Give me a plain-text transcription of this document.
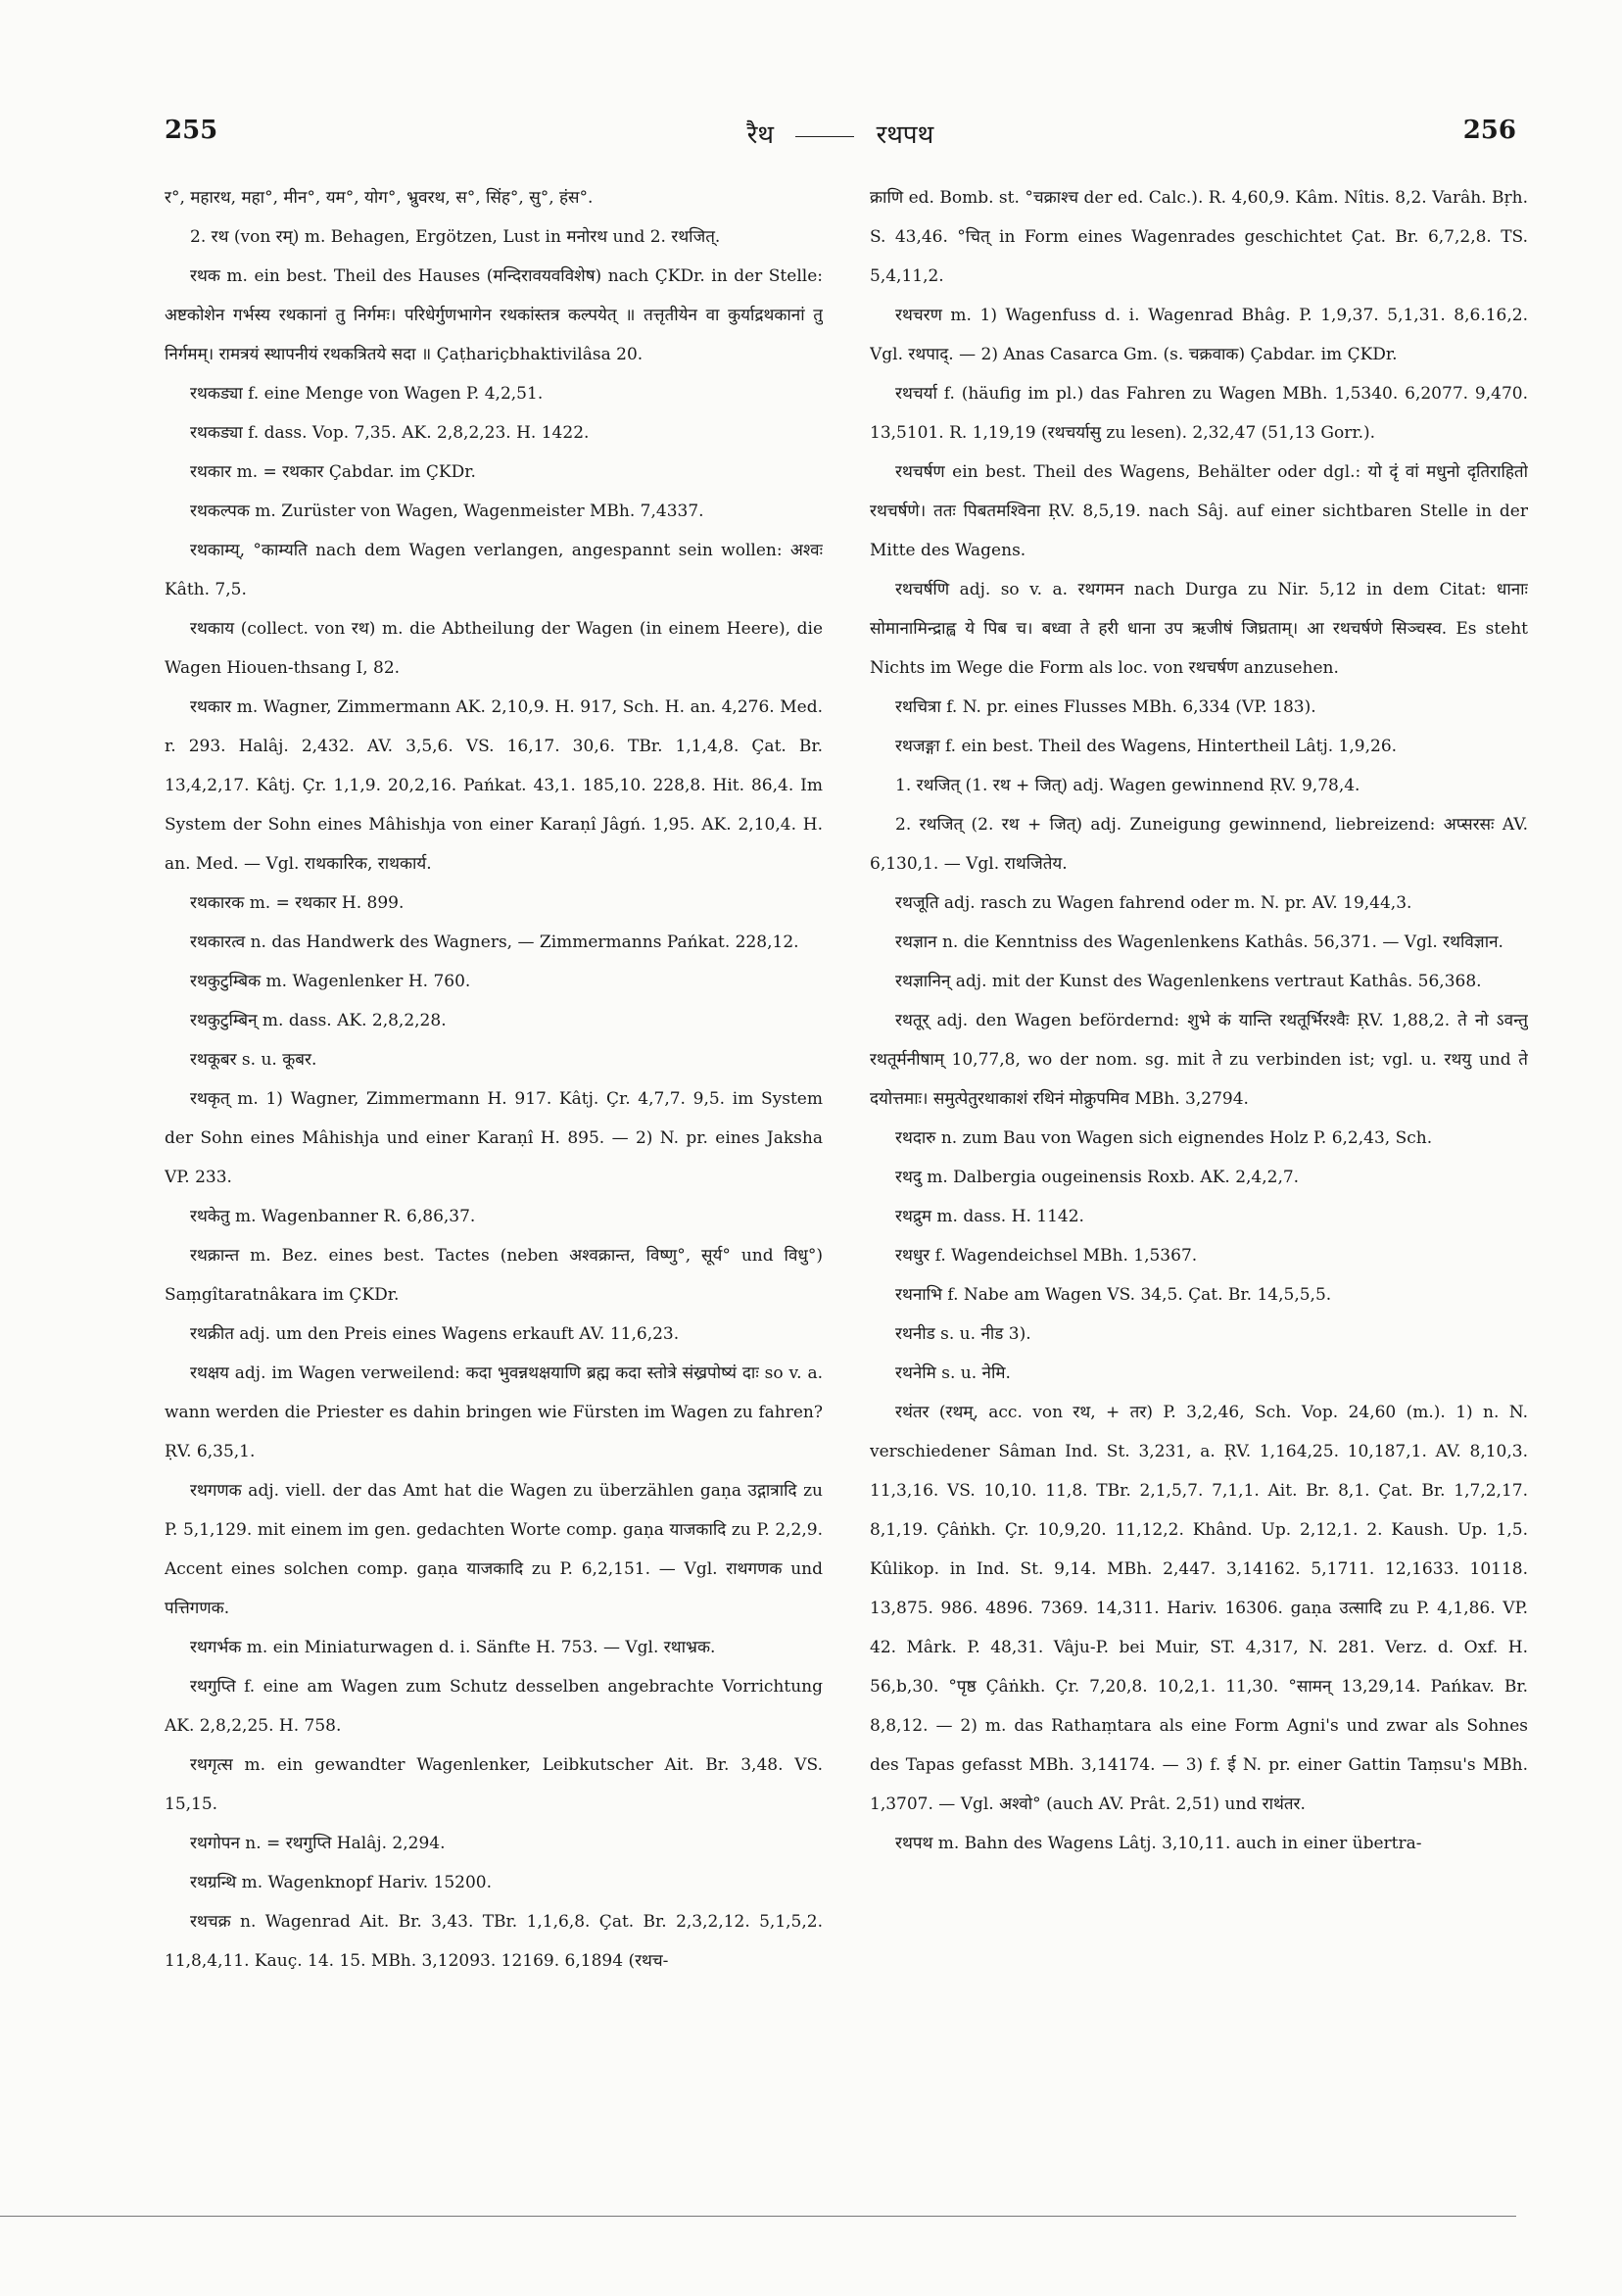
255	रैथ	रथपथ	256

र°, महारथ, महा°, मीन°, यम°, योग°, भ्रुवरथ, स°, सिंह°, सु°, हंस°.

2. रथ (von रम्) m. Behagen, Ergötzen, Lust in मनोरथ und 2. रथजित्.

रथक m. ein best. Theil des Hauses (मन्दिरावयवविशेष) nach ÇKDr. in der Stelle: अष्टकोशेन गर्भस्य रथकानां तु निर्गमः। परिधेर्गुणभागेन रथकांस्तत्र कल्पयेत् ॥ तत्तृतीयेन वा कुर्याद्रथकानां तु निर्गमम्। रामत्रयं स्थापनीयं रथकत्रितये सदा ॥ Çaṭhariçbhaktivilâsa 20.

रथकड्या f. eine Menge von Wagen P. 4,2,51.

रथकड्या f. dass. Vop. 7,35. AK. 2,8,2,23. H. 1422.

रथकार m. = रथकार Çabdar. im ÇKDr.

रथकल्पक m. Zurüster von Wagen, Wagenmeister MBh. 7,4337.

रथकाम्य्, °काम्यति nach dem Wagen verlangen, angespannt sein wollen: अश्वः Kâth. 7,5.

रथकाय (collect. von रथ) m. die Abtheilung der Wagen (in einem Heere), die Wagen Hiouen-thsang I, 82.

रथकार m. Wagner, Zimmermann AK. 2,10,9. H. 917, Sch. H. an. 4,276. Med. r. 293. Halâj. 2,432. AV. 3,5,6. VS. 16,17. 30,6. TBr. 1,1,4,8. Çat. Br. 13,4,2,17. Kâtj. Çr. 1,1,9. 20,2,16. Pańkat. 43,1. 185,10. 228,8. Hit. 86,4. Im System der Sohn eines Mâhishja von einer Karaṇî Jâgń. 1,95. AK. 2,10,4. H. an. Med. — Vgl. राथकारिक, राथकार्य.

रथकारक m. = रथकार H. 899.

रथकारत्व n. das Handwerk des Wagners, — Zimmermanns Pańkat. 228,12.

रथकुटुम्बिक m. Wagenlenker H. 760.

रथकुटुम्बिन् m. dass. AK. 2,8,2,28.

रथकूबर s. u. कूबर.

रथकृत् m. 1) Wagner, Zimmermann H. 917. Kâtj. Çr. 4,7,7. 9,5. im System der Sohn eines Mâhishja und einer Karaṇî H. 895. — 2) N. pr. eines Jaksha VP. 233.

रथकेतु m. Wagenbanner R. 6,86,37.

रथक्रान्त m. Bez. eines best. Tactes (neben अश्वक्रान्त, विष्णु°, सूर्य° und विधु°) Saṃgîtaratnâkara im ÇKDr.

रथक्रीत adj. um den Preis eines Wagens erkauft AV. 11,6,23.

रथक्षय adj. im Wagen verweilend: कदा भुवन्नथक्षयाणि ब्रह्म कदा स्तोत्रे संख्रपोष्यं दाः so v. a. wann werden die Priester es dahin bringen wie Fürsten im Wagen zu fahren? ṚV. 6,35,1.

रथगणक adj. viell. der das Amt hat die Wagen zu überzählen gaṇa उद्गात्रादि zu P. 5,1,129. mit einem im gen. gedachten Worte comp. gaṇa याजकादि zu P. 2,2,9. Accent eines solchen comp. gaṇa याजकादि zu P. 6,2,151. — Vgl. राथगणक und पत्तिगणक.

रथगर्भक m. ein Miniaturwagen d. i. Sänfte H. 753. — Vgl. रथाभ्रक.

रथगुप्ति f. eine am Wagen zum Schutz desselben angebrachte Vorrichtung AK. 2,8,2,25. H. 758.

रथगृत्स m. ein gewandter Wagenlenker, Leibkutscher Ait. Br. 3,48. VS. 15,15.

रथगोपन n. = रथगुप्ति Halâj. 2,294.

रथग्रन्थि m. Wagenknopf Hariv. 15200.

रथचक्र n. Wagenrad Ait. Br. 3,43. TBr. 1,1,6,8. Çat. Br. 2,3,2,12. 5,1,5,2. 11,8,4,11. Kauç. 14. 15. MBh. 3,12093. 12169. 6,1894 (रथच-

क्राणि ed. Bomb. st. °चक्राश्च der ed. Calc.). R. 4,60,9. Kâm. Nîtis. 8,2. Varâh. Bṛh. S. 43,46. °चित् in Form eines Wagenrades geschichtet Çat. Br. 6,7,2,8. TS. 5,4,11,2.

रथचरण m. 1) Wagenfuss d. i. Wagenrad Bhâg. P. 1,9,37. 5,1,31. 8,6.16,2. Vgl. रथपाद्. — 2) Anas Casarca Gm. (s. चक्रवाक) Çabdar. im ÇKDr.

रथचर्या f. (häufig im pl.) das Fahren zu Wagen MBh. 1,5340. 6,2077. 9,470. 13,5101. R. 1,19,19 (रथचर्यासु zu lesen). 2,32,47 (51,13 Gorr.).

रथचर्षण ein best. Theil des Wagens, Behälter oder dgl.: यो दृं वां मधुनो दृतिराहितो रथचर्षणे। ततः पिबतमश्विना ṚV. 8,5,19. nach Sâj. auf einer sichtbaren Stelle in der Mitte des Wagens.

रथचर्षणि adj. so v. a. रथगमन nach Durga zu Nir. 5,12 in dem Citat: धानाः सोमानामिन्द्राह्व ये पिब च। बध्वा ते हरी धाना उप ऋजीषं जिघ्रताम्। आ रथचर्षणे सिञ्चस्व. Es steht Nichts im Wege die Form als loc. von रथचर्षण anzusehen.

रथचित्रा f. N. pr. eines Flusses MBh. 6,334 (VP. 183).

रथजङ्गा f. ein best. Theil des Wagens, Hintertheil Lâtj. 1,9,26.

1. रथजित् (1. रथ + जित्) adj. Wagen gewinnend ṚV. 9,78,4.

2. रथजित् (2. रथ + जित्) adj. Zuneigung gewinnend, liebreizend: अप्सरसः AV. 6,130,1. — Vgl. राथजितेय.

रथजूति adj. rasch zu Wagen fahrend oder m. N. pr. AV. 19,44,3.

रथज्ञान n. die Kenntniss des Wagenlenkens Kathâs. 56,371. — Vgl. रथविज्ञान.

रथज्ञानिन् adj. mit der Kunst des Wagenlenkens vertraut Kathâs. 56,368.

रथतूर् adj. den Wagen befördernd: शुभे कं यान्ति रथतूर्भिरश्वैः ṚV. 1,88,2. ते नो ऽवन्तु रथतूर्मनीषाम् 10,77,8, wo der nom. sg. mit ते zu verbinden ist; vgl. u. रथयु und ते दयोत्तमाः। समुत्पेतुरथाकाशं रथिनं मोक्रुपमिव MBh. 3,2794.

रथदारु n. zum Bau von Wagen sich eignendes Holz P. 6,2,43, Sch.

रथदु m. Dalbergia ougeinensis Roxb. AK. 2,4,2,7.

रथद्रुम m. dass. H. 1142.

रथधुर f. Wagendeichsel MBh. 1,5367.

रथनाभि f. Nabe am Wagen VS. 34,5. Çat. Br. 14,5,5,5.

रथनीड s. u. नीड 3).

रथनेमि s. u. नेमि.

रथंतर (रथम्, acc. von रथ, + तर) P. 3,2,46, Sch. Vop. 24,60 (m.). 1) n. N. verschiedener Sâman Ind. St. 3,231, a. ṚV. 1,164,25. 10,187,1. AV. 8,10,3. 11,3,16. VS. 10,10. 11,8. TBr. 2,1,5,7. 7,1,1. Ait. Br. 8,1. Çat. Br. 1,7,2,17. 8,1,19. Çâṅkh. Çr. 10,9,20. 11,12,2. Khând. Up. 2,12,1. 2. Kaush. Up. 1,5. Kûlikop. in Ind. St. 9,14. MBh. 2,447. 3,14162. 5,1711. 12,1633. 10118. 13,875. 986. 4896. 7369. 14,311. Hariv. 16306. gaṇa उत्सादि zu P. 4,1,86. VP. 42. Mârk. P. 48,31. Vâju-P. bei Muir, ST. 4,317, N. 281. Verz. d. Oxf. H. 56,b,30. °पृष्ठ Çâṅkh. Çr. 7,20,8. 10,2,1. 11,30. °सामन् 13,29,14. Pańkav. Br. 8,8,12. — 2) m. das Rathaṃtara als eine Form Agni's und zwar als Sohnes des Tapas gefasst MBh. 3,14174. — 3) f. ई N. pr. einer Gattin Taṃsu's MBh. 1,3707. — Vgl. अश्वो° (auch AV. Prât. 2,51) und राथंतर.

रथपथ m. Bahn des Wagens Lâtj. 3,10,11. auch in einer übertra-
